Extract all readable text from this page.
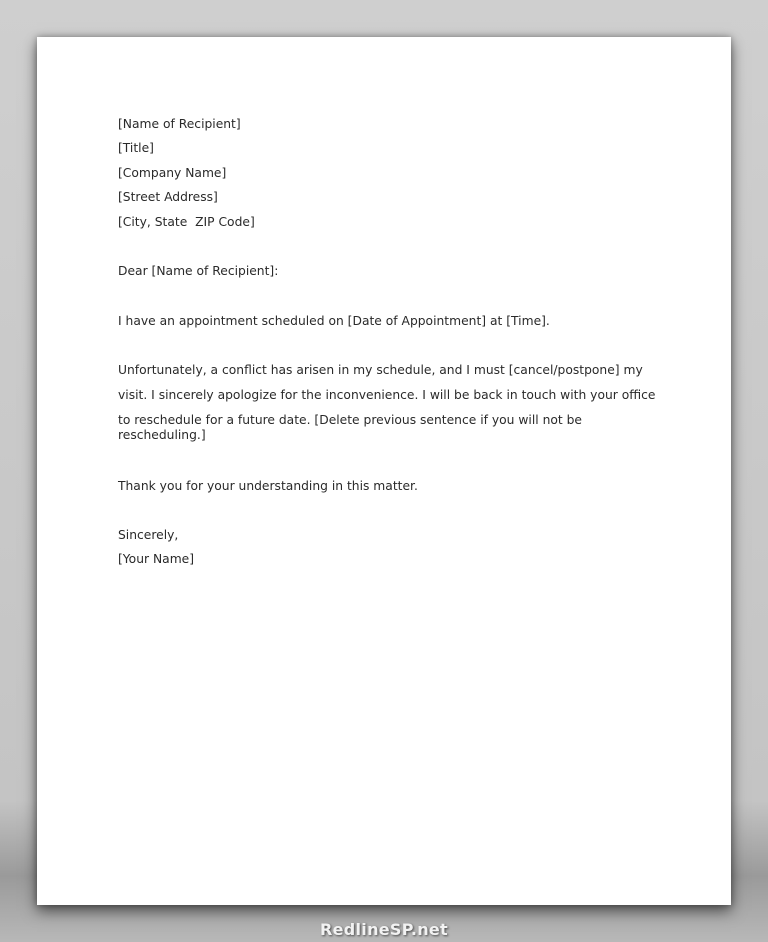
[Name of Recipient]
[Title]
[Company Name]
[Street Address]
[City, State  ZIP Code]
Dear [Name of Recipient]:
I have an appointment scheduled on [Date of Appointment] at [Time].
Unfortunately, a conflict has arisen in my schedule, and I must [cancel/postpone] my
visit. I sincerely apologize for the inconvenience. I will be back in touch with your office
to reschedule for a future date. [Delete previous sentence if you will not be
rescheduling.]
Thank you for your understanding in this matter.
Sincerely,
[Your Name]
RedlineSP.net
